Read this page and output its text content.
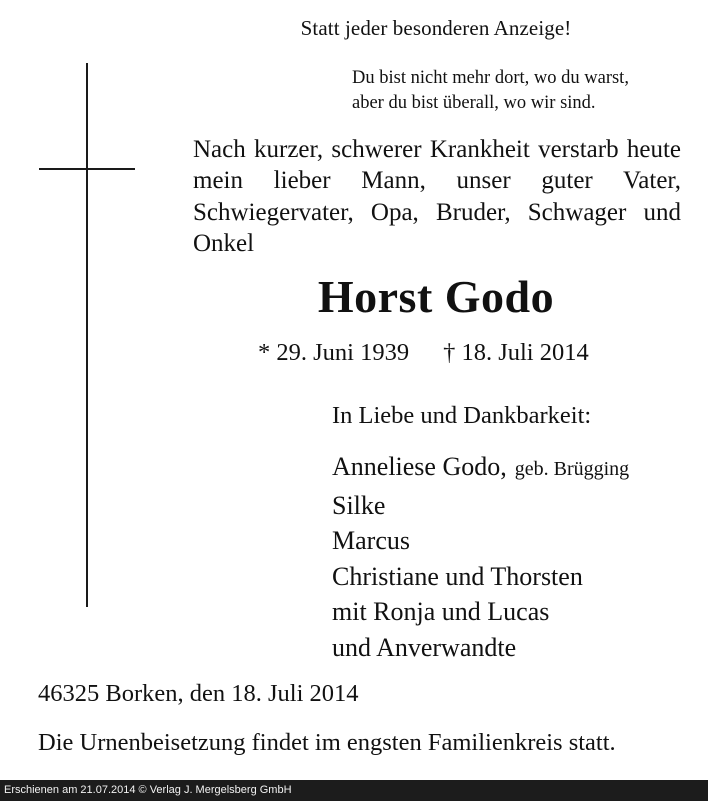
Statt jeder besonderen Anzeige!
Du bist nicht mehr dort, wo du warst,
aber du bist überall, wo wir sind.
Nach kurzer, schwerer Krankheit verstarb heute mein lieber Mann, unser guter Vater, Schwiegervater, Opa, Bruder, Schwager und Onkel
Horst Godo
* 29. Juni 1939 † 18. Juli 2014
In Liebe und Dankbarkeit:
Anneliese Godo, geb. Brügging
Silke
Marcus
Christiane und Thorsten
mit Ronja und Lucas
und Anverwandte
46325 Borken, den 18. Juli 2014
Die Urnenbeisetzung findet im engsten Familienkreis statt.
Erschienen am 21.07.2014 © Verlag J. Mergelsberg GmbH
